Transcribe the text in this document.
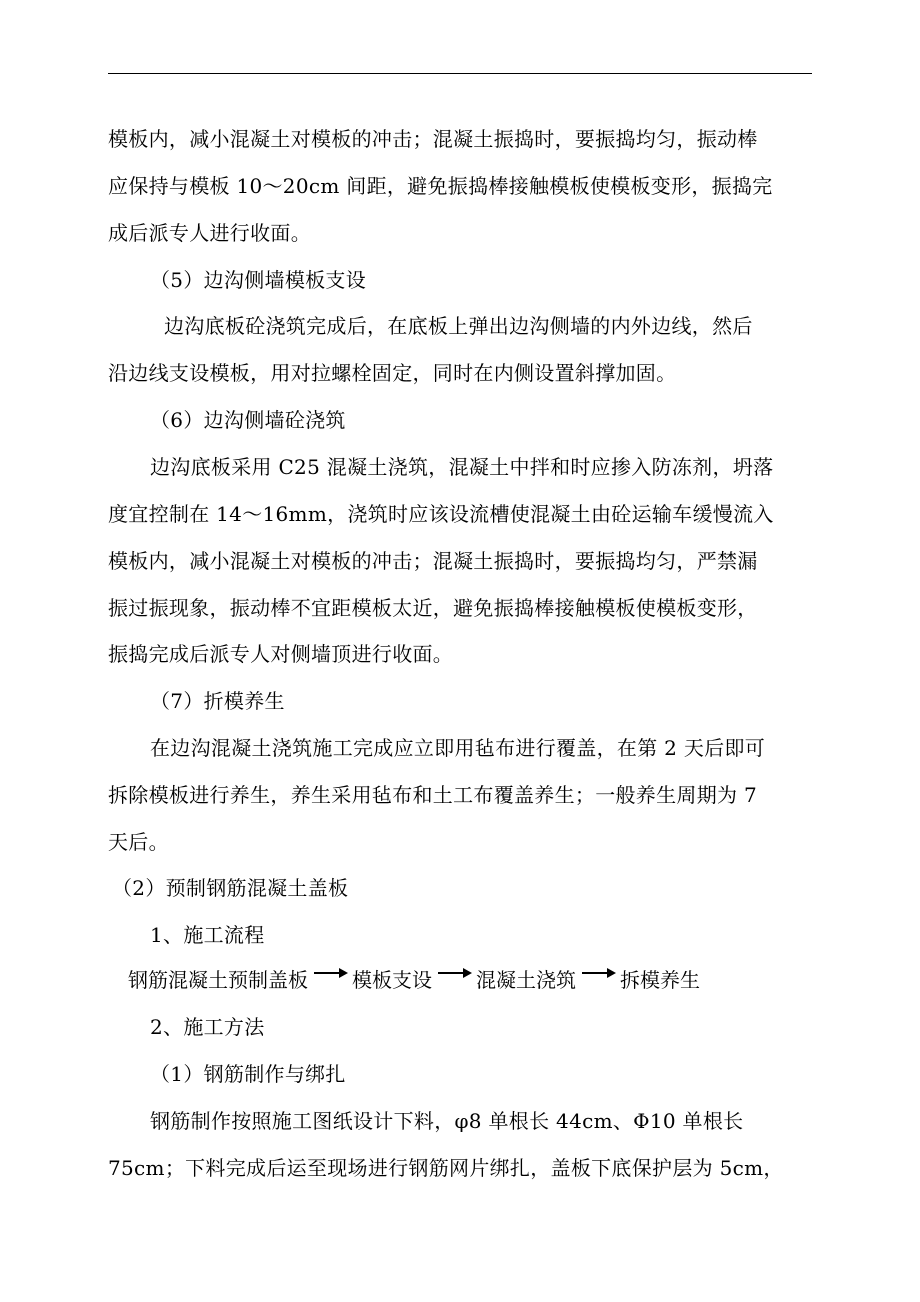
模板内，减小混凝土对模板的冲击；混凝土振捣时，要振捣均匀，振动棒
应保持与模板 10～20cm 间距，避免振捣棒接触模板使模板变形，振捣完
成后派专人进行收面。
（5）边沟侧墙模板支设
边沟底板砼浇筑完成后，在底板上弹出边沟侧墙的内外边线，然后
沿边线支设模板，用对拉螺栓固定，同时在内侧设置斜撑加固。
（6）边沟侧墙砼浇筑
边沟底板采用 C25 混凝土浇筑，混凝土中拌和时应掺入防冻剂，坍落
度宜控制在 14～16mm，浇筑时应该设流槽使混凝土由砼运输车缓慢流入
模板内，减小混凝土对模板的冲击；混凝土振捣时，要振捣均匀，严禁漏
振过振现象，振动棒不宜距模板太近，避免振捣棒接触模板使模板变形，
振捣完成后派专人对侧墙顶进行收面。
（7）折模养生
在边沟混凝土浇筑施工完成应立即用毡布进行覆盖，在第 2 天后即可
拆除模板进行养生，养生采用毡布和土工布覆盖养生；一般养生周期为 7
天后。
（2）预制钢筋混凝土盖板
1、施工流程
钢筋混凝土预制盖板 模板支设 混凝土浇筑 拆模养生
2、施工方法
（1）钢筋制作与绑扎
钢筋制作按照施工图纸设计下料，φ8 单根长 44cm、Φ10 单根长
75cm；下料完成后运至现场进行钢筋网片绑扎，盖板下底保护层为 5cm，
